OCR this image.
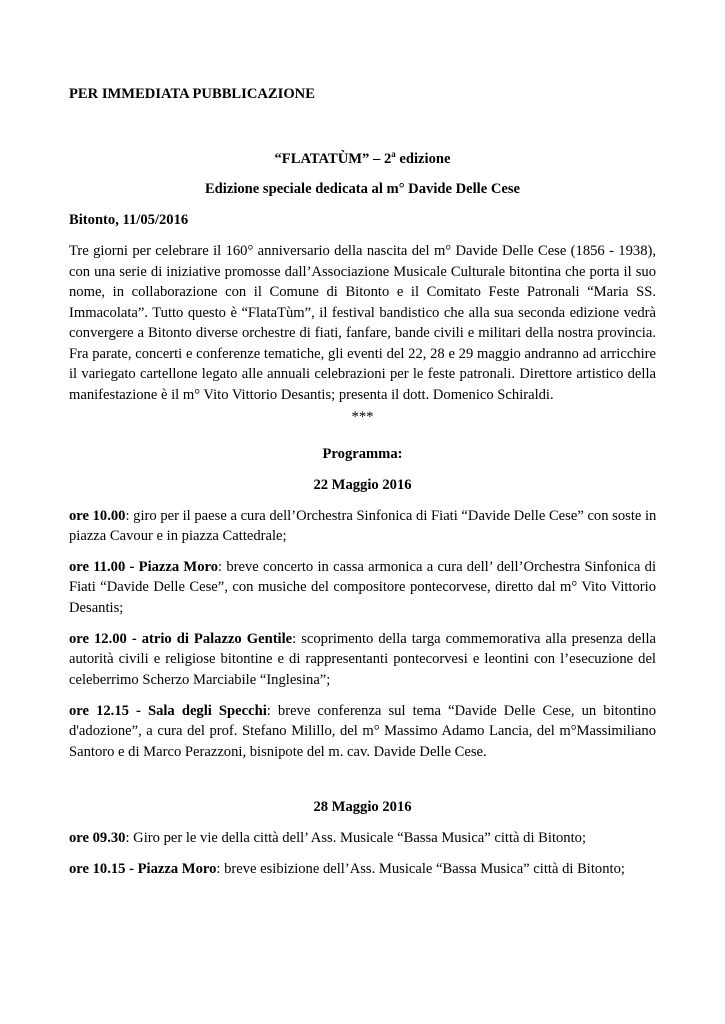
PER IMMEDIATA PUBBLICAZIONE
“FLATATÙM” – 2$^a$ edizione
Edizione speciale dedicata al m° Davide Delle Cese
Bitonto, 11/05/2016
Tre giorni per celebrare il 160° anniversario della nascita del m° Davide Delle Cese (1856 - 1938),
con una serie di iniziative promosse dall’Associazione Musicale Culturale bitontina che porta il suo
nome, in collaborazione con il Comune di Bitonto e il Comitato Feste Patronali “Maria SS.
Immacolata”. Tutto questo è “FlataTùm”, il festival bandistico che alla sua seconda edizione vedrà
convergere a Bitonto diverse orchestre di fiati, fanfare, bande civili e militari della nostra provincia.
Fra parate, concerti e conferenze tematiche, gli eventi del 22, 28 e 29 maggio andranno ad arricchire
il variegato cartellone legato alle annuali celebrazioni per le feste patronali. Direttore artistico della
manifestazione è il m° Vito Vittorio Desantis; presenta il dott. Domenico Schiraldi.
***
Programma:
22 Maggio 2016
ore 10.00: giro per il paese a cura dell’Orchestra Sinfonica di Fiati “Davide Delle Cese” con soste in
piazza Cavour e in piazza Cattedrale;
ore 11.00 - Piazza Moro: breve concerto in cassa armonica a cura dell’ dell’Orchestra Sinfonica di
Fiati “Davide Delle Cese”, con musiche del compositore pontecorvese, diretto dal m° Vito Vittorio
Desantis;
ore 12.00 - atrio di Palazzo Gentile: scoprimento della targa commemorativa alla presenza della
autorità civili e religiose bitontine e di rappresentanti pontecorvesi e leontini con l’esecuzione del
celeberrimo Scherzo Marciabile “Inglesina”;
ore 12.15 - Sala degli Specchi: breve conferenza sul tema “Davide Delle Cese, un bitontino
d'adozione”, a cura del prof. Stefano Milillo, del m° Massimo Adamo Lancia, del m°Massimiliano
Santoro e di Marco Perazzoni, bisnipote del m. cav. Davide Delle Cese.
28 Maggio 2016
ore 09.30: Giro per le vie della città dell’ Ass. Musicale “Bassa Musica” città di Bitonto;
ore 10.15 - Piazza Moro: breve esibizione dell’Ass. Musicale “Bassa Musica” città di Bitonto;
